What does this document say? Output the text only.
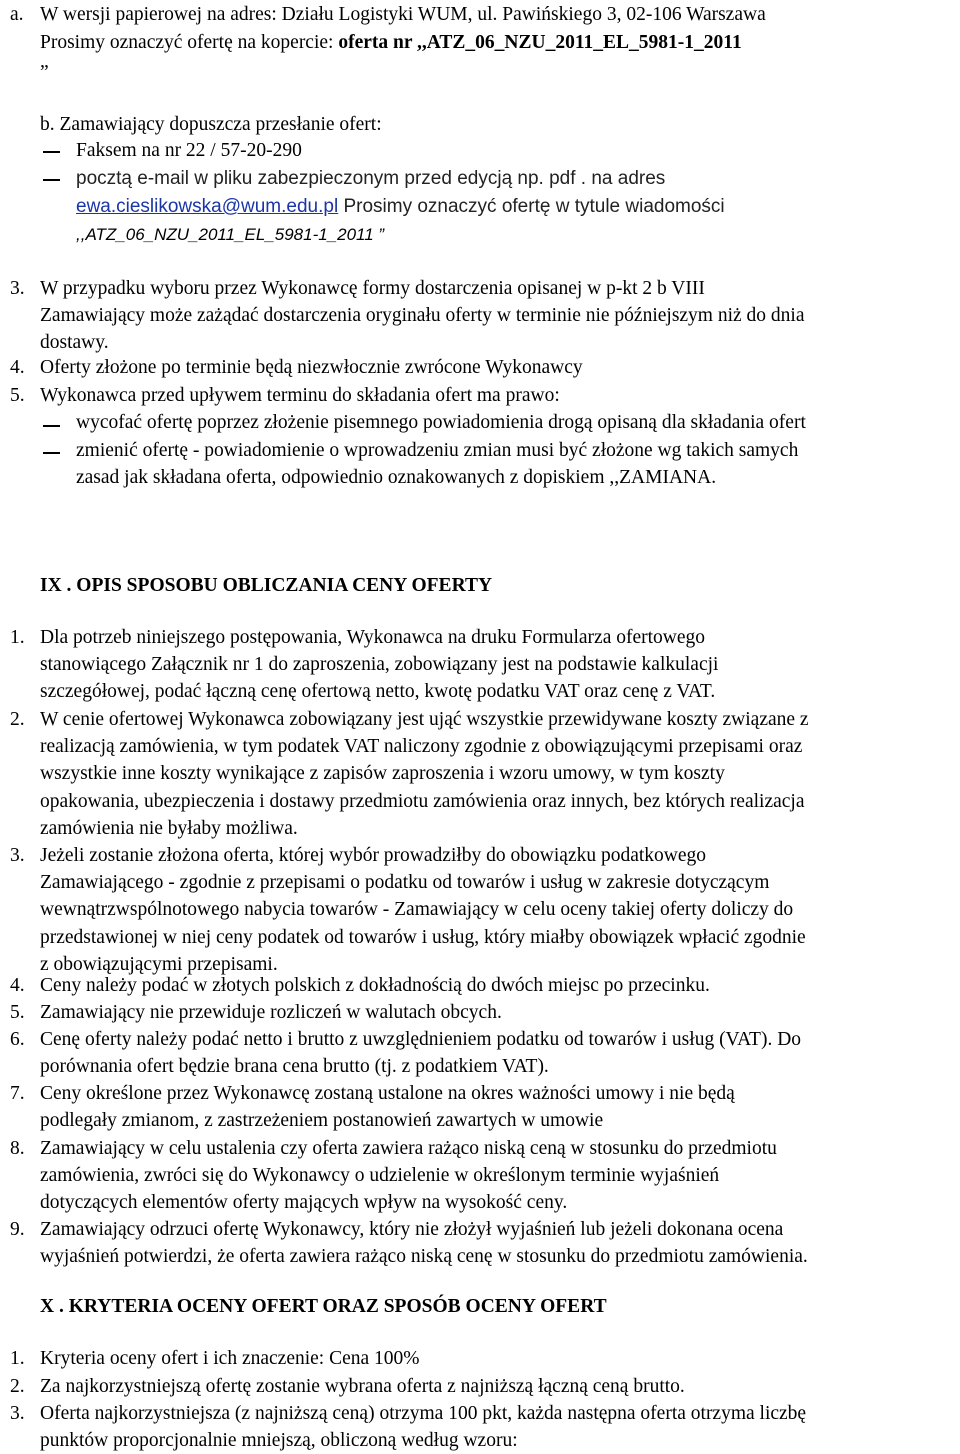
a. W wersji papierowej na adres: Działu Logistyki WUM, ul. Pawińskiego 3, 02-106 Warszawa
Prosimy oznaczyć ofertę na kopercie: oferta nr ,,ATZ_06_NZU_2011_EL_5981-1_2011
”
b. Zamawiający dopuszcza przesłanie ofert:
Faksem na nr 22 / 57-20-290
pocztą e-mail w pliku zabezpieczonym przed edycją np. pdf . na adres
ewa.cieslikowska@wum.edu.pl Prosimy oznaczyć ofertę w tytule wiadomości
,,ATZ_06_NZU_2011_EL_5981-1_2011 ”
3. W przypadku wyboru przez Wykonawcę formy dostarczenia opisanej w p-kt 2 b VIII
Zamawiający może zażądać dostarczenia oryginału oferty w terminie nie późniejszym niż do dnia
dostawy.
4. Oferty złożone po terminie będą niezwłocznie zwrócone Wykonawcy
5. Wykonawca przed upływem terminu do składania ofert ma prawo:
wycofać ofertę poprzez złożenie pisemnego powiadomienia drogą opisaną dla składania ofert
zmienić ofertę - powiadomienie o wprowadzeniu zmian musi być złożone wg takich samych
zasad jak składana oferta, odpowiednio oznakowanych z dopiskiem ,,ZAMIANA.
IX . OPIS SPOSOBU OBLICZANIA CENY OFERTY
1. Dla potrzeb niniejszego postępowania, Wykonawca na druku Formularza ofertowego
stanowiącego Załącznik nr 1 do zaproszenia, zobowiązany jest na podstawie kalkulacji
szczegółowej, podać łączną cenę ofertową netto, kwotę podatku VAT oraz cenę z VAT.
2. W cenie ofertowej Wykonawca zobowiązany jest ująć wszystkie przewidywane koszty związane z
realizacją zamówienia, w tym podatek VAT naliczony zgodnie z obowiązującymi przepisami oraz
wszystkie inne koszty wynikające z zapisów zaproszenia i wzoru umowy, w tym koszty
opakowania, ubezpieczenia i dostawy przedmiotu zamówienia oraz innych, bez których realizacja
zamówienia nie byłaby możliwa.
3. Jeżeli zostanie złożona oferta, której wybór prowadziłby do obowiązku podatkowego
Zamawiającego - zgodnie z przepisami o podatku od towarów i usług w zakresie dotyczącym
wewnątrzwspólnotowego nabycia towarów - Zamawiający w celu oceny takiej oferty doliczy do
przedstawionej w niej ceny podatek od towarów i usług, który miałby obowiązek wpłacić zgodnie
z obowiązującymi przepisami.
4. Ceny należy podać w złotych polskich z dokładnością do dwóch miejsc po przecinku.
5. Zamawiający nie przewiduje rozliczeń w walutach obcych.
6. Cenę oferty należy podać netto i brutto z uwzględnieniem podatku od towarów i usług (VAT). Do
porównania ofert będzie brana cena brutto (tj. z podatkiem VAT).
7. Ceny określone przez Wykonawcę zostaną ustalone na okres ważności umowy i nie będą
podlegały zmianom, z zastrzeżeniem postanowień zawartych w umowie
8. Zamawiający w celu ustalenia czy oferta zawiera rażąco niską ceną w stosunku do przedmiotu
zamówienia, zwróci się do Wykonawcy o udzielenie w określonym terminie wyjaśnień
dotyczących elementów oferty mających wpływ na wysokość ceny.
9. Zamawiający odrzuci ofertę Wykonawcy, który nie złożył wyjaśnień lub jeżeli dokonana ocena
wyjaśnień potwierdzi, że oferta zawiera rażąco niską cenę w stosunku do przedmiotu zamówienia.
X . KRYTERIA OCENY OFERT ORAZ SPOSÓB OCENY OFERT
1. Kryteria oceny ofert i ich znaczenie: Cena 100%
2. Za najkorzystniejszą ofertę zostanie wybrana oferta z najniższą łączną ceną brutto.
3. Oferta najkorzystniejsza (z najniższą ceną) otrzyma 100 pkt, każda następna oferta otrzyma liczbę
punktów proporcjonalnie mniejszą, obliczoną według wzoru:
